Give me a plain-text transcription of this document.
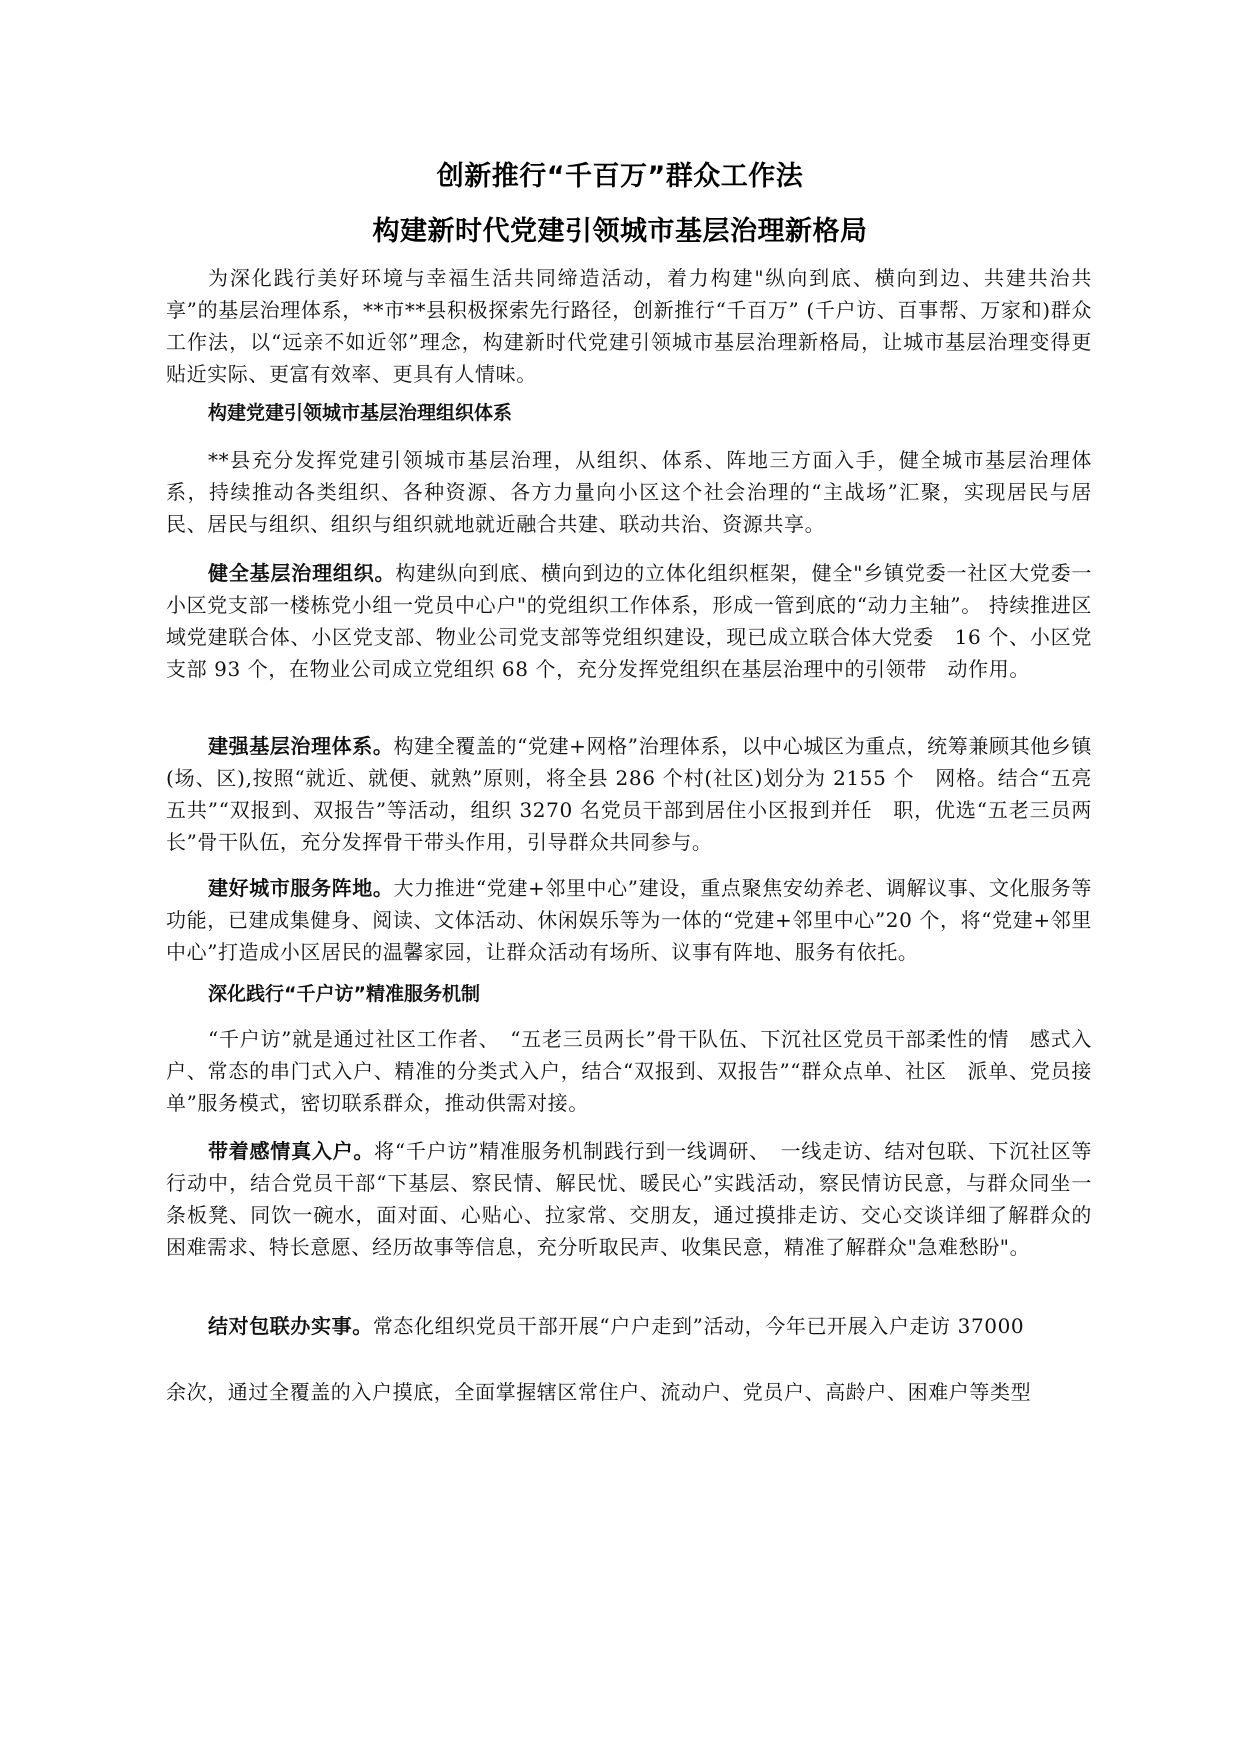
创新推行“千百万”群众工作法
构建新时代党建引领城市基层治理新格局

为深化践行美好环境与幸福生活共同缔造活动，着力构建"纵向到底、横向到边、共建共治共享”的基层治理体系，**市**县积极探索先行路径，创新推行“千百万” (千户访、百事帮、万家和)群众工作法，以“远亲不如近邻”理念，构建新时代党建引领城市基层治理新格局，让城市基层治理变得更贴近实际、更富有效率、更具有人情味。

构建党建引领城市基层治理组织体系

**县充分发挥党建引领城市基层治理，从组织、体系、阵地三方面入手，健全城市基层治理体系，持续推动各类组织、各种资源、各方力量向小区这个社会治理的“主战场”汇聚，实现居民与居民、居民与组织、组织与组织就地就近融合共建、联动共治、资源共享。

健全基层治理组织。构建纵向到底、横向到边的立体化组织框架，健全"乡镇党委一社区大党委一小区党支部一楼栋党小组一党员中心户"的党组织工作体系，形成一管到底的“动力主轴”。 持续推进区域党建联合体、小区党支部、物业公司党支部等党组织建设，现已成立联合体大党委　16 个、小区党支部 93 个，在物业公司成立党组织 68 个，充分发挥党组织在基层治理中的引领带　动作用。

建强基层治理体系。构建全覆盖的“党建+网格”治理体系，以中心城区为重点，统筹兼顾其他乡镇(场、区),按照“就近、就便、就熟”原则，将全县 286 个村(社区)划分为 2155 个　网格。结合“五亮五共”“双报到、双报告”等活动，组织 3270 名党员干部到居住小区报到并任　职，优选“五老三员两长”骨干队伍，充分发挥骨干带头作用，引导群众共同参与。

建好城市服务阵地。大力推进“党建+邻里中心”建设，重点聚焦安幼养老、调解议事、文化服务等功能，已建成集健身、阅读、文体活动、休闲娱乐等为一体的“党建+邻里中心”20 个，将“党建+邻里中心”打造成小区居民的温馨家园，让群众活动有场所、议事有阵地、服务有依托。

深化践行“千户访”精准服务机制

“千户访”就是通过社区工作者、　“五老三员两长”骨干队伍、下沉社区党员干部柔性的情　感式入户、常态的串门式入户、精准的分类式入户，结合“双报到、双报告”“群众点单、社区　派单、党员接单”服务模式，密切联系群众，推动供需对接。

带着感情真入户。将“千户访”精准服务机制践行到一线调研、　一线走访、结对包联、下沉社区等行动中，结合党员干部“下基层、察民情、解民忧、暖民心”实践活动，察民情访民意，与群众同坐一条板凳、同饮一碗水，面对面、心贴心、拉家常、交朋友，通过摸排走访、交心交谈详细了解群众的困难需求、特长意愿、经历故事等信息，充分听取民声、收集民意，精准了解群众"急难愁盼"。

结对包联办实事。常态化组织党员干部开展“户户走到”活动，今年已开展入户走访 37000

余次，通过全覆盖的入户摸底，全面掌握辖区常住户、流动户、党员户、高龄户、困难户等类型
